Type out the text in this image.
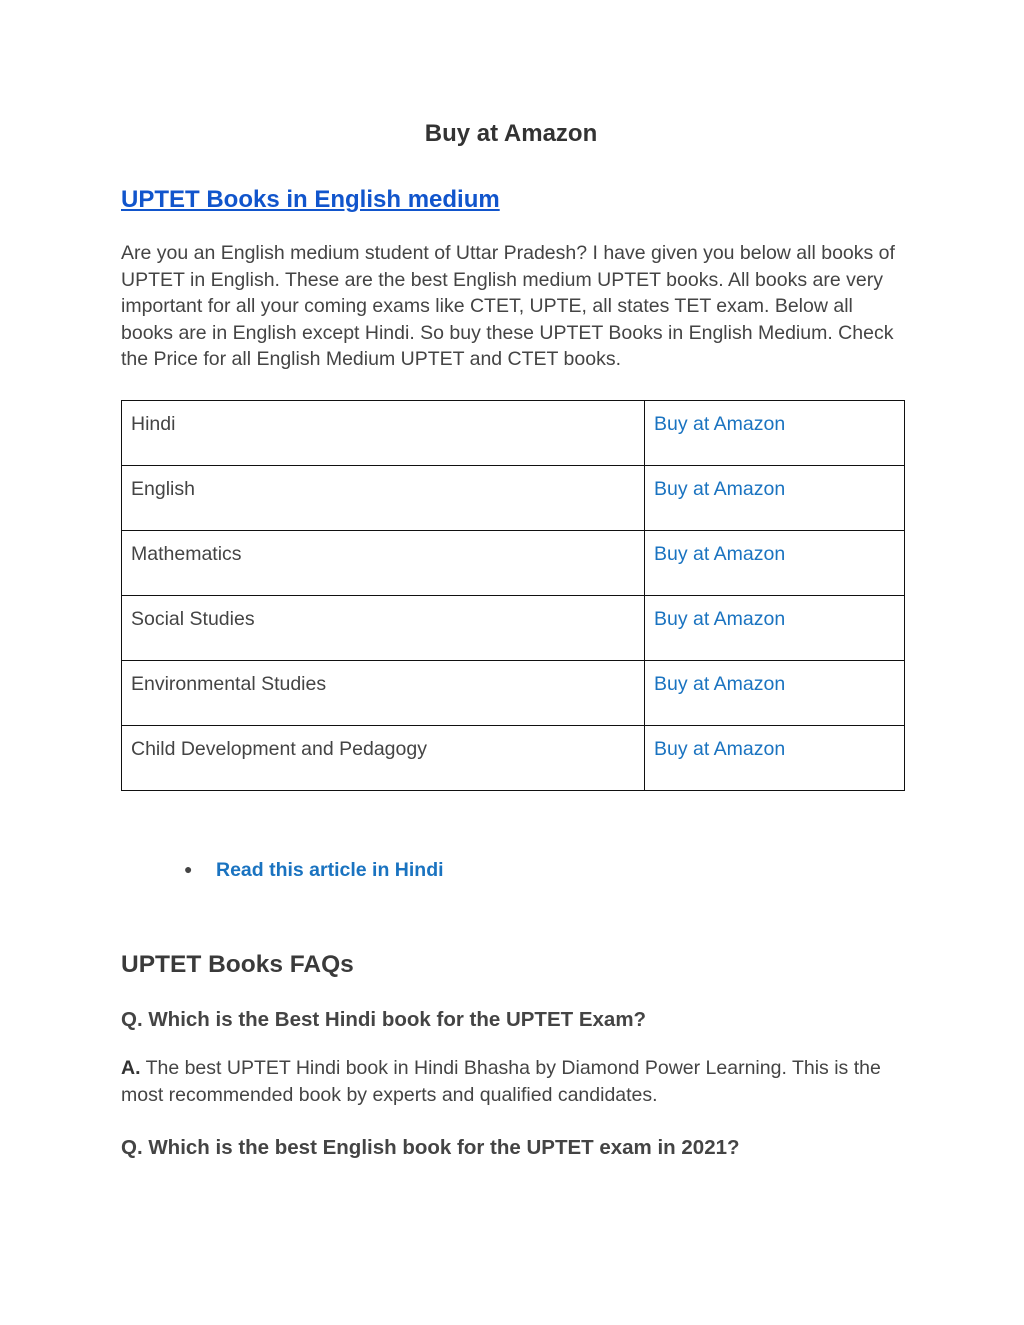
Buy at Amazon
UPTET Books in English medium

Are you an English medium student of Uttar Pradesh? I have given you below all books of UPTET in English. These are the best English medium UPTET books. All books are very important for all your coming exams like CTET, UPTE, all states TET exam. Below all books are in English except Hindi. So buy these UPTET Books in English Medium. Check the Price for all English Medium UPTET and CTET books.

Hindi	Buy at Amazon
English	Buy at Amazon
Mathematics	Buy at Amazon
Social Studies	Buy at Amazon
Environmental Studies	Buy at Amazon
Child Development and Pedagogy	Buy at Amazon
● Read this article in Hindi
UPTET Books FAQs
Q. Which is the Best Hindi book for the UPTET Exam?

A. The best UPTET Hindi book in Hindi Bhasha by Diamond Power Learning. This is the most recommended book by experts and qualified candidates.

Q. Which is the best English book for the UPTET exam in 2021?
